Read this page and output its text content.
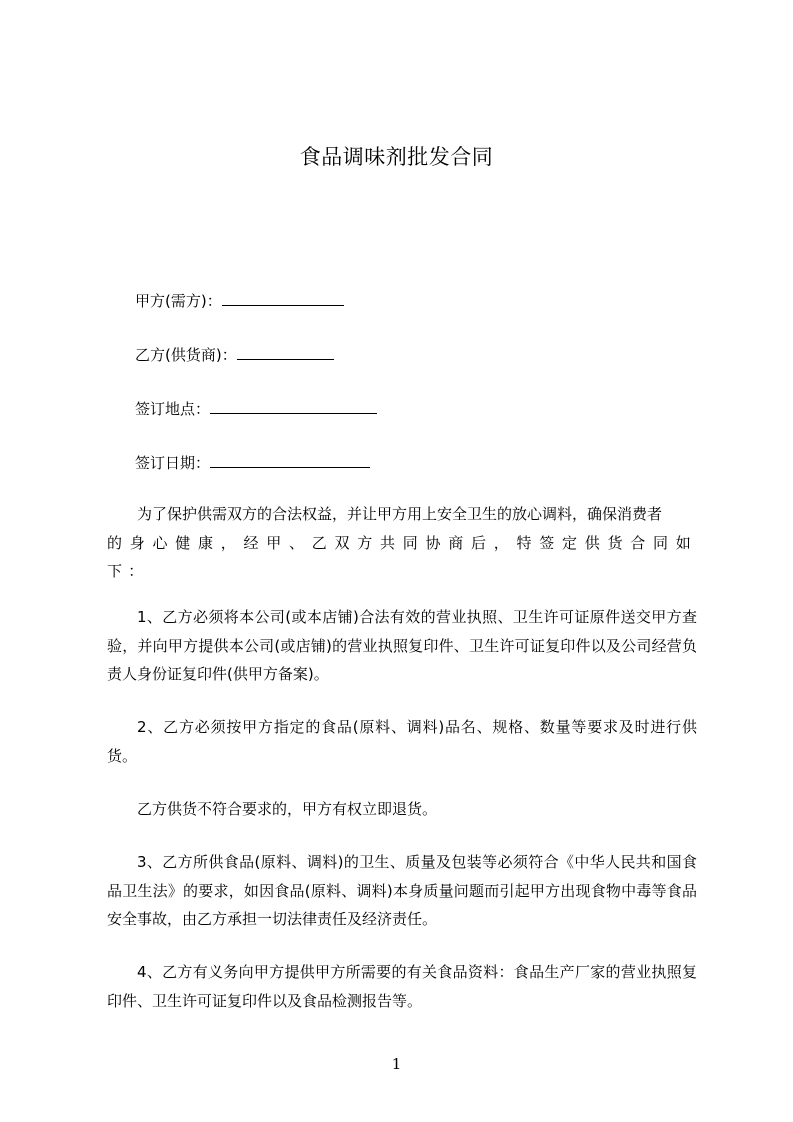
食品调味剂批发合同
甲方(需方)：
乙方(供货商)：
签订地点：
签订日期：
为了保护供需双方的合法权益，并让甲方用上安全卫生的放心调料，确保消费者
的身心健康，经甲、乙双方共同协商后，特签定供货合同如下：
1、乙方必须将本公司(或本店铺)合法有效的营业执照、卫生许可证原件送交甲方查验，并向甲方提供本公司(或店铺)的营业执照复印件、卫生许可证复印件以及公司经营负责人身份证复印件(供甲方备案)。
2、乙方必须按甲方指定的食品(原料、调料)品名、规格、数量等要求及时进行供货。
乙方供货不符合要求的，甲方有权立即退货。
3、乙方所供食品(原料、调料)的卫生、质量及包装等必须符合《中华人民共和国食品卫生法》的要求，如因食品(原料、调料)本身质量问题而引起甲方出现食物中毒等食品安全事故，由乙方承担一切法律责任及经济责任。
4、乙方有义务向甲方提供甲方所需要的有关食品资料：食品生产厂家的营业执照复印件、卫生许可证复印件以及食品检测报告等。
1
